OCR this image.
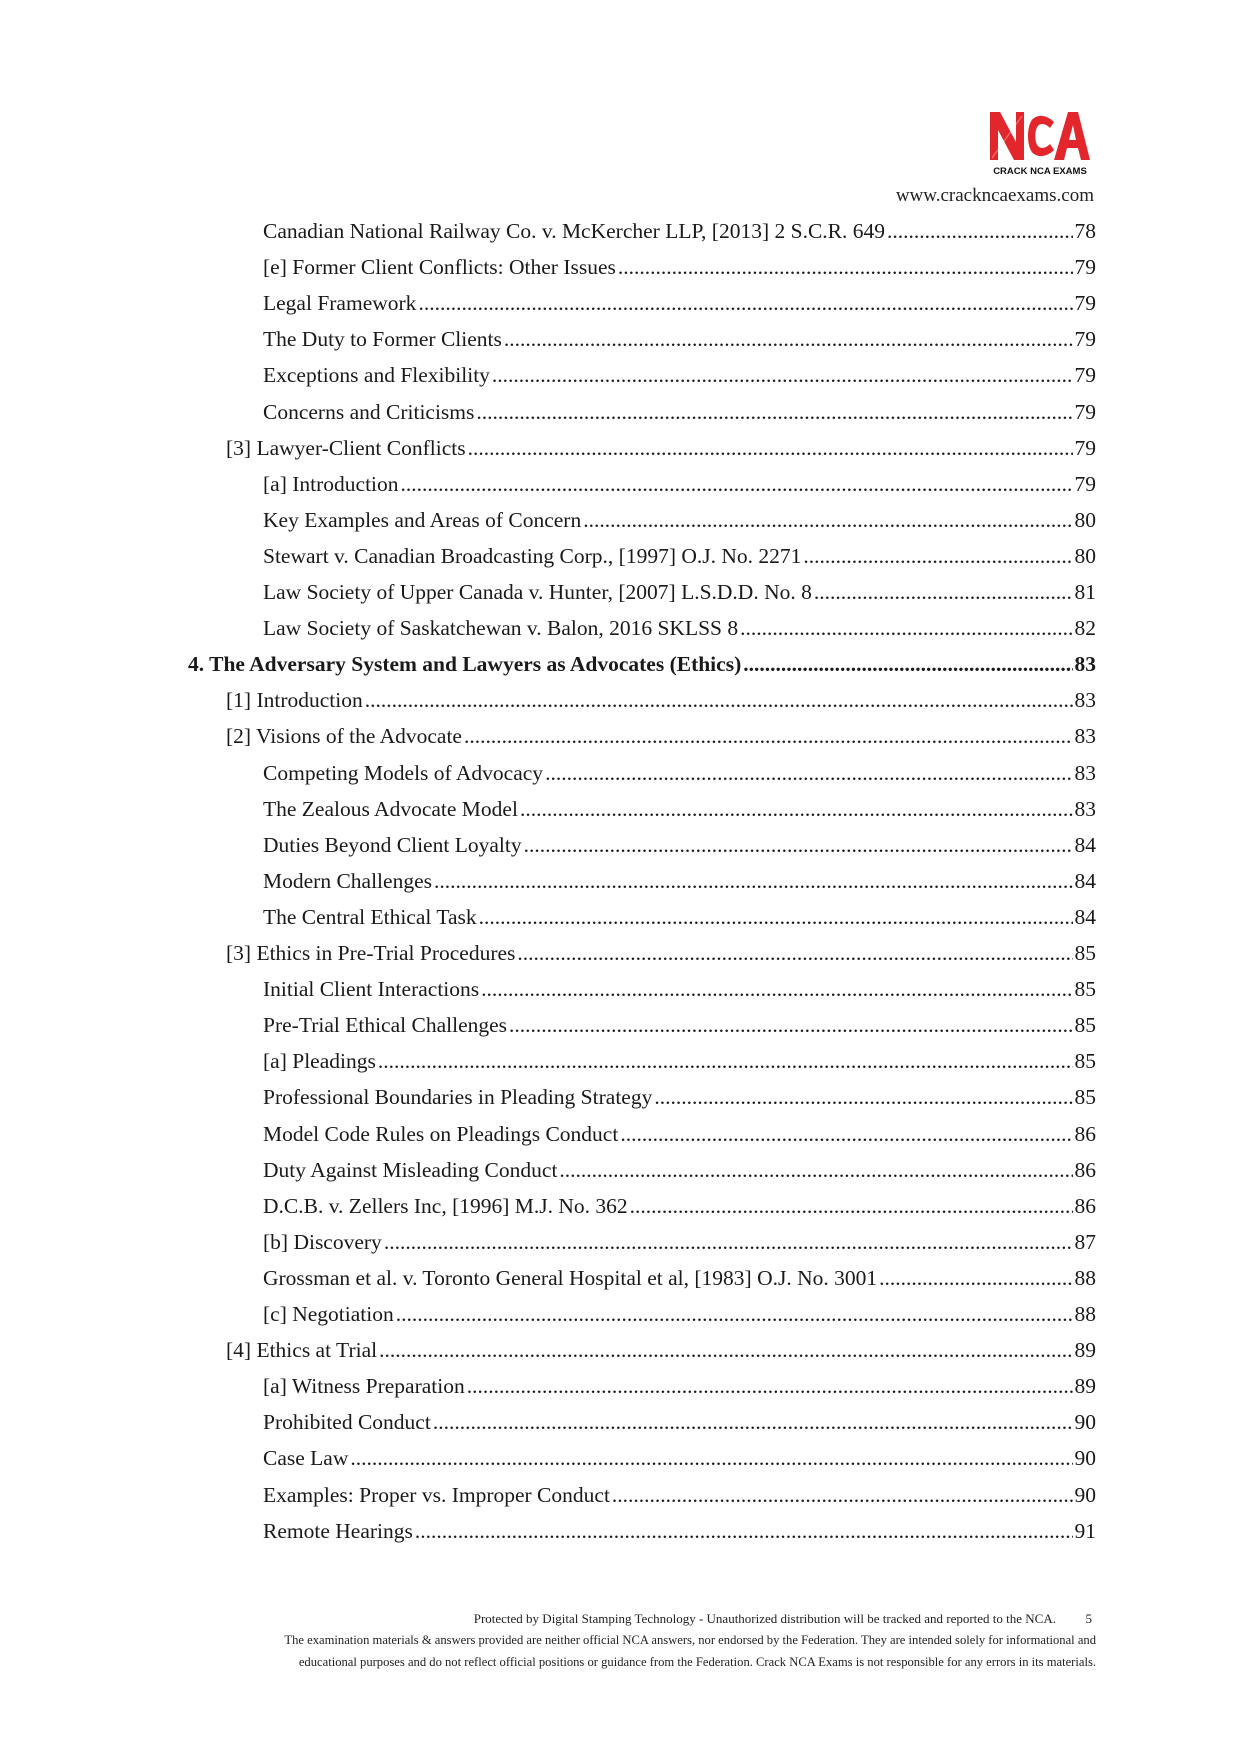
CRACK NCA EXAMS
www.crackncaexams.com
Canadian National Railway Co. v. McKercher LLP, [2013] 2 S.C.R. 649 .....	78
[e] Former Client Conflicts: Other Issues .....	79
Legal Framework .....	79
The Duty to Former Clients .....	79
Exceptions and Flexibility .....	79
Concerns and Criticisms .....	79
[3] Lawyer-Client Conflicts .....	79
[a] Introduction .....	79
Key Examples and Areas of Concern .....	80
Stewart v. Canadian Broadcasting Corp., [1997] O.J. No. 2271 .....	80
Law Society of Upper Canada v. Hunter, [2007] L.S.D.D. No. 8 .....	81
Law Society of Saskatchewan v. Balon, 2016 SKLSS 8 .....	82
4. The Adversary System and Lawyers as Advocates (Ethics) .....	83
[1] Introduction .....	83
[2] Visions of the Advocate .....	83
Competing Models of Advocacy .....	83
The Zealous Advocate Model .....	83
Duties Beyond Client Loyalty .....	84
Modern Challenges .....	84
The Central Ethical Task .....	84
[3] Ethics in Pre-Trial Procedures .....	85
Initial Client Interactions .....	85
Pre-Trial Ethical Challenges .....	85
[a] Pleadings .....	85
Professional Boundaries in Pleading Strategy .....	85
Model Code Rules on Pleadings Conduct .....	86
Duty Against Misleading Conduct .....	86
D.C.B. v. Zellers Inc, [1996] M.J. No. 362 .....	86
[b] Discovery .....	87
Grossman et al. v. Toronto General Hospital et al, [1983] O.J. No. 3001 .....	88
[c] Negotiation .....	88
[4] Ethics at Trial .....	89
[a] Witness Preparation .....	89
Prohibited Conduct .....	90
Case Law .....	90
Examples: Proper vs. Improper Conduct .....	90
Remote Hearings .....	91
Protected by Digital Stamping Technology - Unauthorized distribution will be tracked and reported to the NCA. 5
The examination materials & answers provided are neither official NCA answers, nor endorsed by the Federation. They are intended solely for informational and
educational purposes and do not reflect official positions or guidance from the Federation. Crack NCA Exams is not responsible for any errors in its materials.
